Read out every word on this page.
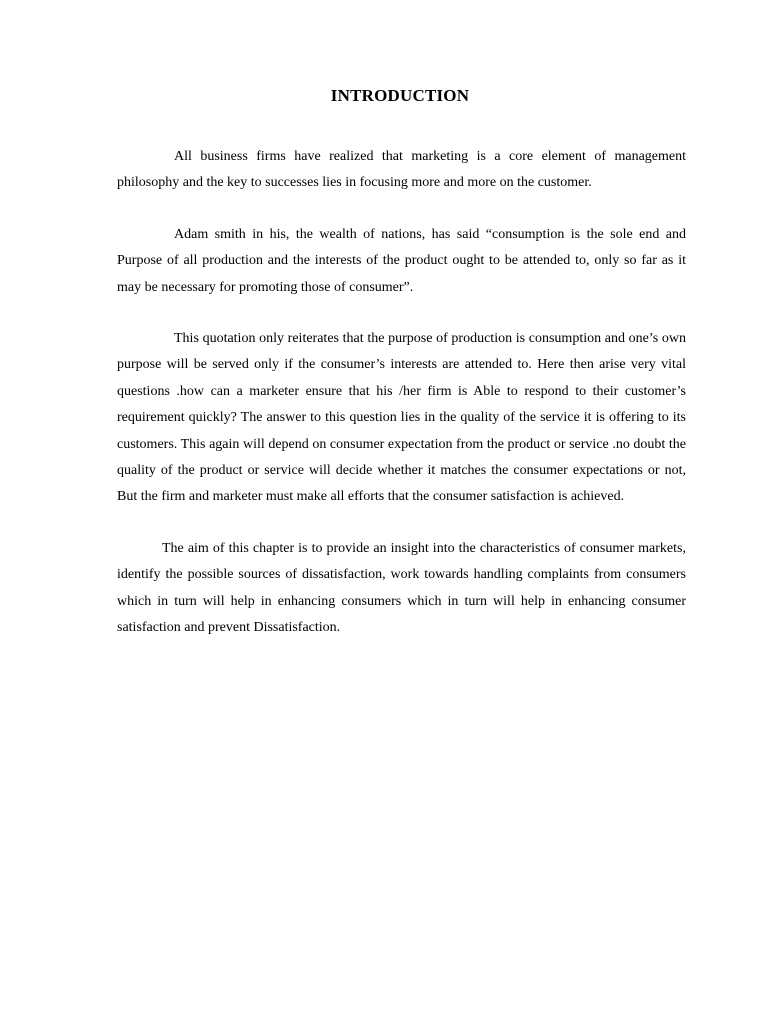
INTRODUCTION

All business firms have realized that marketing is a core element of management philosophy and the key to successes lies in focusing more and more on the customer.

Adam smith in his, the wealth of nations, has said “consumption is the sole end and Purpose of all production and the interests of the product ought to be attended to, only so far as it may be necessary for promoting those of consumer”.

This quotation only reiterates that the purpose of production is consumption and one’s own purpose will be served only if the consumer’s interests are attended to. Here then arise very vital questions .how can a marketer ensure that his /her firm is Able to respond to their customer’s requirement quickly? The answer to this question lies in the quality of the service it is offering to its customers. This again will depend on consumer expectation from the product or service .no doubt the quality of the product or service will decide whether it matches the consumer expectations or not, But the firm and marketer must make all efforts that the consumer satisfaction is achieved.

The aim of this chapter is to provide an insight into the characteristics of consumer markets, identify the possible sources of dissatisfaction, work towards handling complaints from consumers which in turn will help in enhancing consumers which in turn will help in enhancing consumer satisfaction and prevent Dissatisfaction.
